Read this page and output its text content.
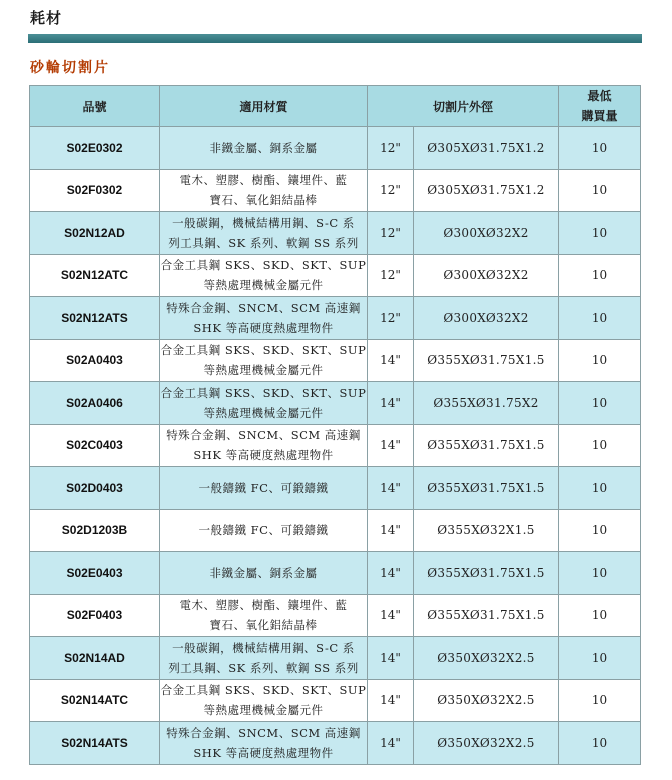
耗材
砂輪切割片
品號	適用材質	切割片外徑		最低
購買量

S02E0302	非鐵金屬、銅系金屬	12"	Ø305XØ31.75X1.2	10
S02F0302	電木、塑膠、樹酯、鑲埋件、藍
寶石、氧化鋁結晶棒	12"	Ø305XØ31.75X1.2	10
S02N12AD	一般碳鋼，機械結構用鋼、S-C 系
列工具鋼、SK 系列、軟鋼 SS 系列	12"	Ø300XØ32X2	10
S02N12ATC	合金工具鋼 SKS、SKD、SKT、SUP
等熱處理機械金屬元件	12"	Ø300XØ32X2	10
S02N12ATS	特殊合金鋼、SNCM、SCM 高速鋼
SHK 等高硬度熱處理物件	12"	Ø300XØ32X2	10
S02A0403	合金工具鋼 SKS、SKD、SKT、SUP
等熱處理機械金屬元件	14"	Ø355XØ31.75X1.5	10
S02A0406	合金工具鋼 SKS、SKD、SKT、SUP
等熱處理機械金屬元件	14"	Ø355XØ31.75X2	10
S02C0403	特殊合金鋼、SNCM、SCM 高速鋼
SHK 等高硬度熱處理物件	14"	Ø355XØ31.75X1.5	10
S02D0403	一般鑄鐵 FC、可鍛鑄鐵	14"	Ø355XØ31.75X1.5	10
S02D1203B	一般鑄鐵 FC、可鍛鑄鐵	14"	Ø355XØ32X1.5	10
S02E0403	非鐵金屬、銅系金屬	14"	Ø355XØ31.75X1.5	10
S02F0403	電木、塑膠、樹酯、鑲埋件、藍
寶石、氧化鋁結晶棒	14"	Ø355XØ31.75X1.5	10
S02N14AD	一般碳鋼，機械結構用鋼、S-C 系
列工具鋼、SK 系列、軟鋼 SS 系列	14"	Ø350XØ32X2.5	10
S02N14ATC	合金工具鋼 SKS、SKD、SKT、SUP
等熱處理機械金屬元件	14"	Ø350XØ32X2.5	10
S02N14ATS	特殊合金鋼、SNCM、SCM 高速鋼
SHK 等高硬度熱處理物件	14"	Ø350XØ32X2.5	10
